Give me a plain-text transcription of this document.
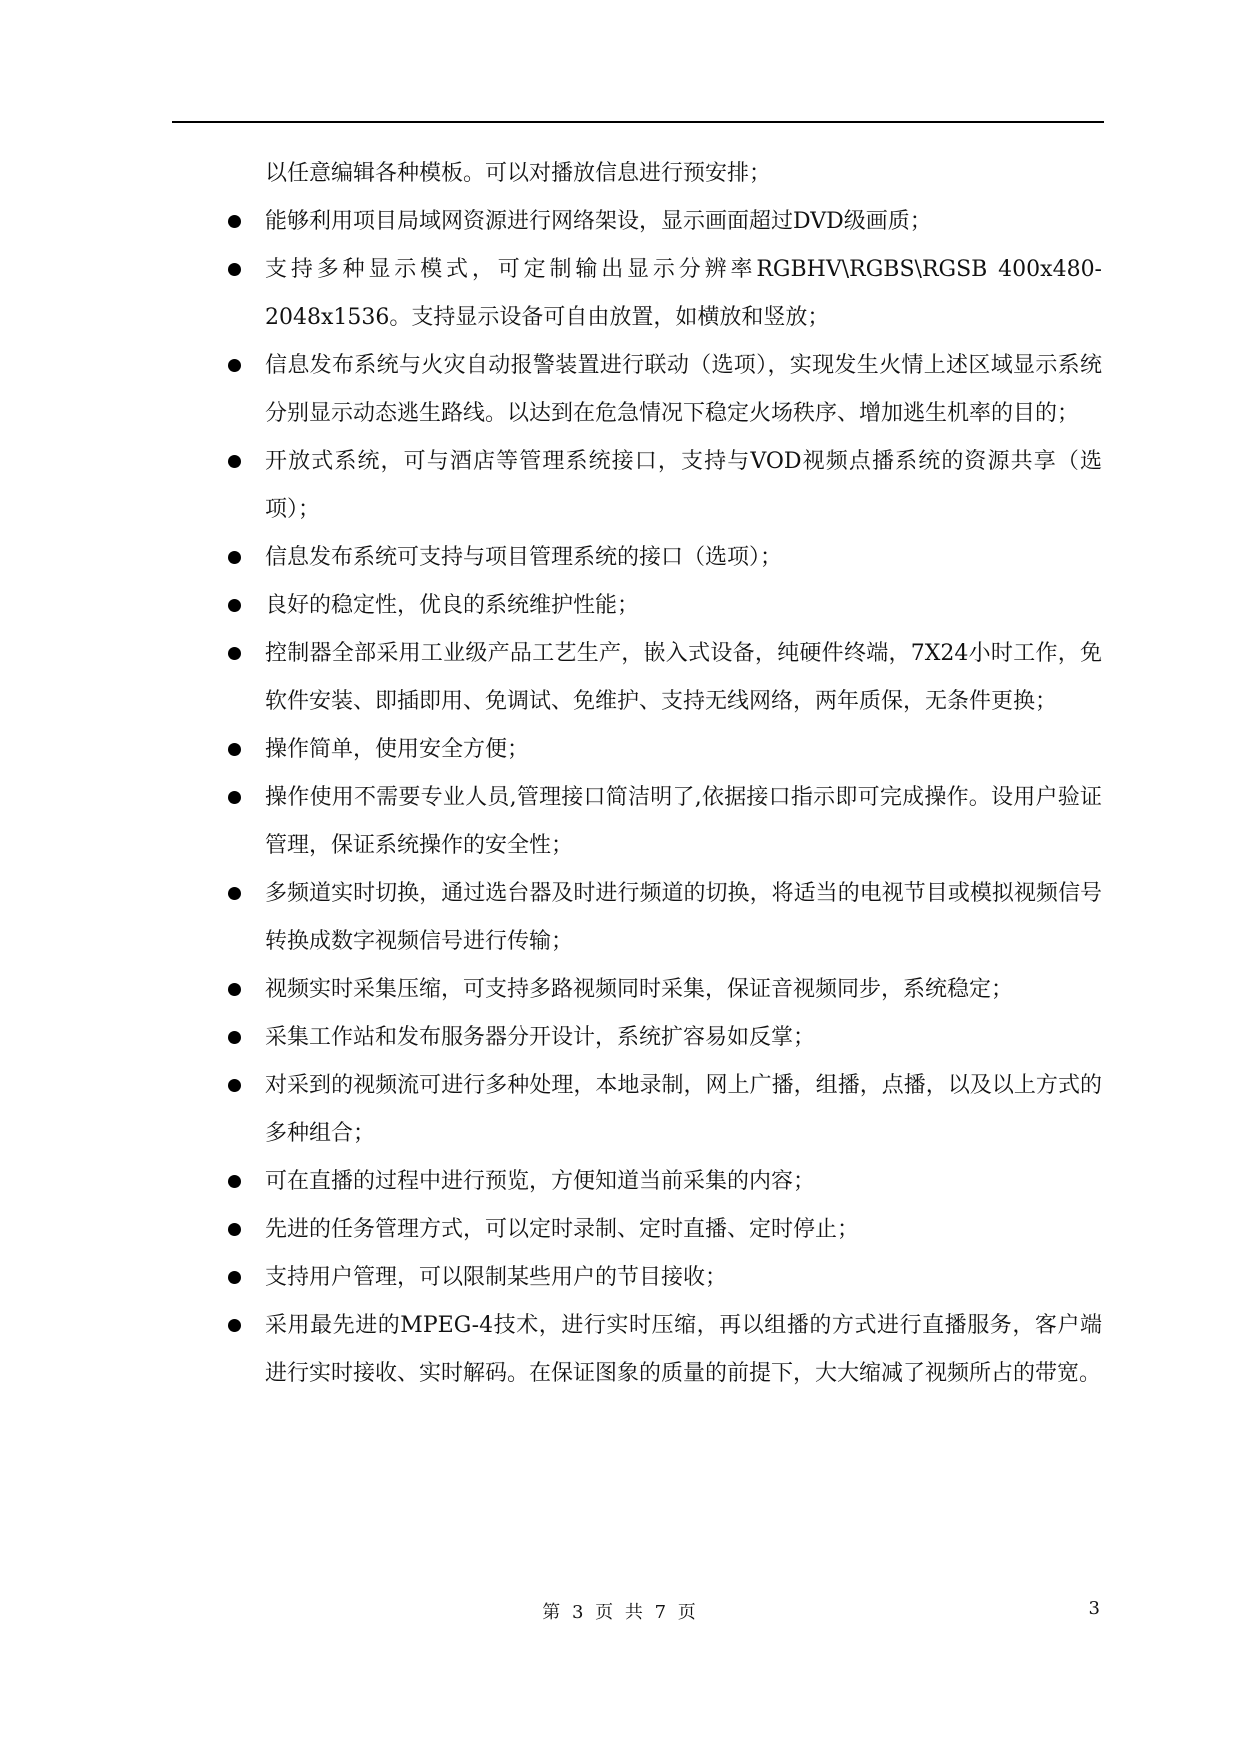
以任意编辑各种模板。可以对播放信息进行预安排；
能够利用项目局域网资源进行网络架设，显示画面超过DVD级画质；
支持多种显示模式，可定制输出显示分辨率RGBHV\RGBS\RGSB 400x480-2048x1536。支持显示设备可自由放置，如横放和竖放；
信息发布系统与火灾自动报警装置进行联动（选项），实现发生火情上述区域显示系统分别显示动态逃生路线。以达到在危急情况下稳定火场秩序、增加逃生机率的目的；
开放式系统，可与酒店等管理系统接口，支持与VOD视频点播系统的资源共享（选项）；
信息发布系统可支持与项目管理系统的接口（选项）；
良好的稳定性，优良的系统维护性能；
控制器全部采用工业级产品工艺生产，嵌入式设备，纯硬件终端，7X24小时工作，免软件安装、即插即用、免调试、免维护、支持无线网络，两年质保，无条件更换；
操作简单，使用安全方便；
操作使用不需要专业人员,管理接口简洁明了,依据接口指示即可完成操作。设用户验证管理，保证系统操作的安全性；
多频道实时切换，通过选台器及时进行频道的切换，将适当的电视节目或模拟视频信号转换成数字视频信号进行传输；
视频实时采集压缩，可支持多路视频同时采集，保证音视频同步，系统稳定；
采集工作站和发布服务器分开设计，系统扩容易如反掌；
对采到的视频流可进行多种处理，本地录制，网上广播，组播，点播，以及以上方式的多种组合；
可在直播的过程中进行预览，方便知道当前采集的内容；
先进的任务管理方式，可以定时录制、定时直播、定时停止；
支持用户管理，可以限制某些用户的节目接收；
采用最先进的MPEG-4技术，进行实时压缩，再以组播的方式进行直播服务，客户端进行实时接收、实时解码。在保证图象的质量的前提下，大大缩减了视频所占的带宽。
第 3 页 共 7 页	3
